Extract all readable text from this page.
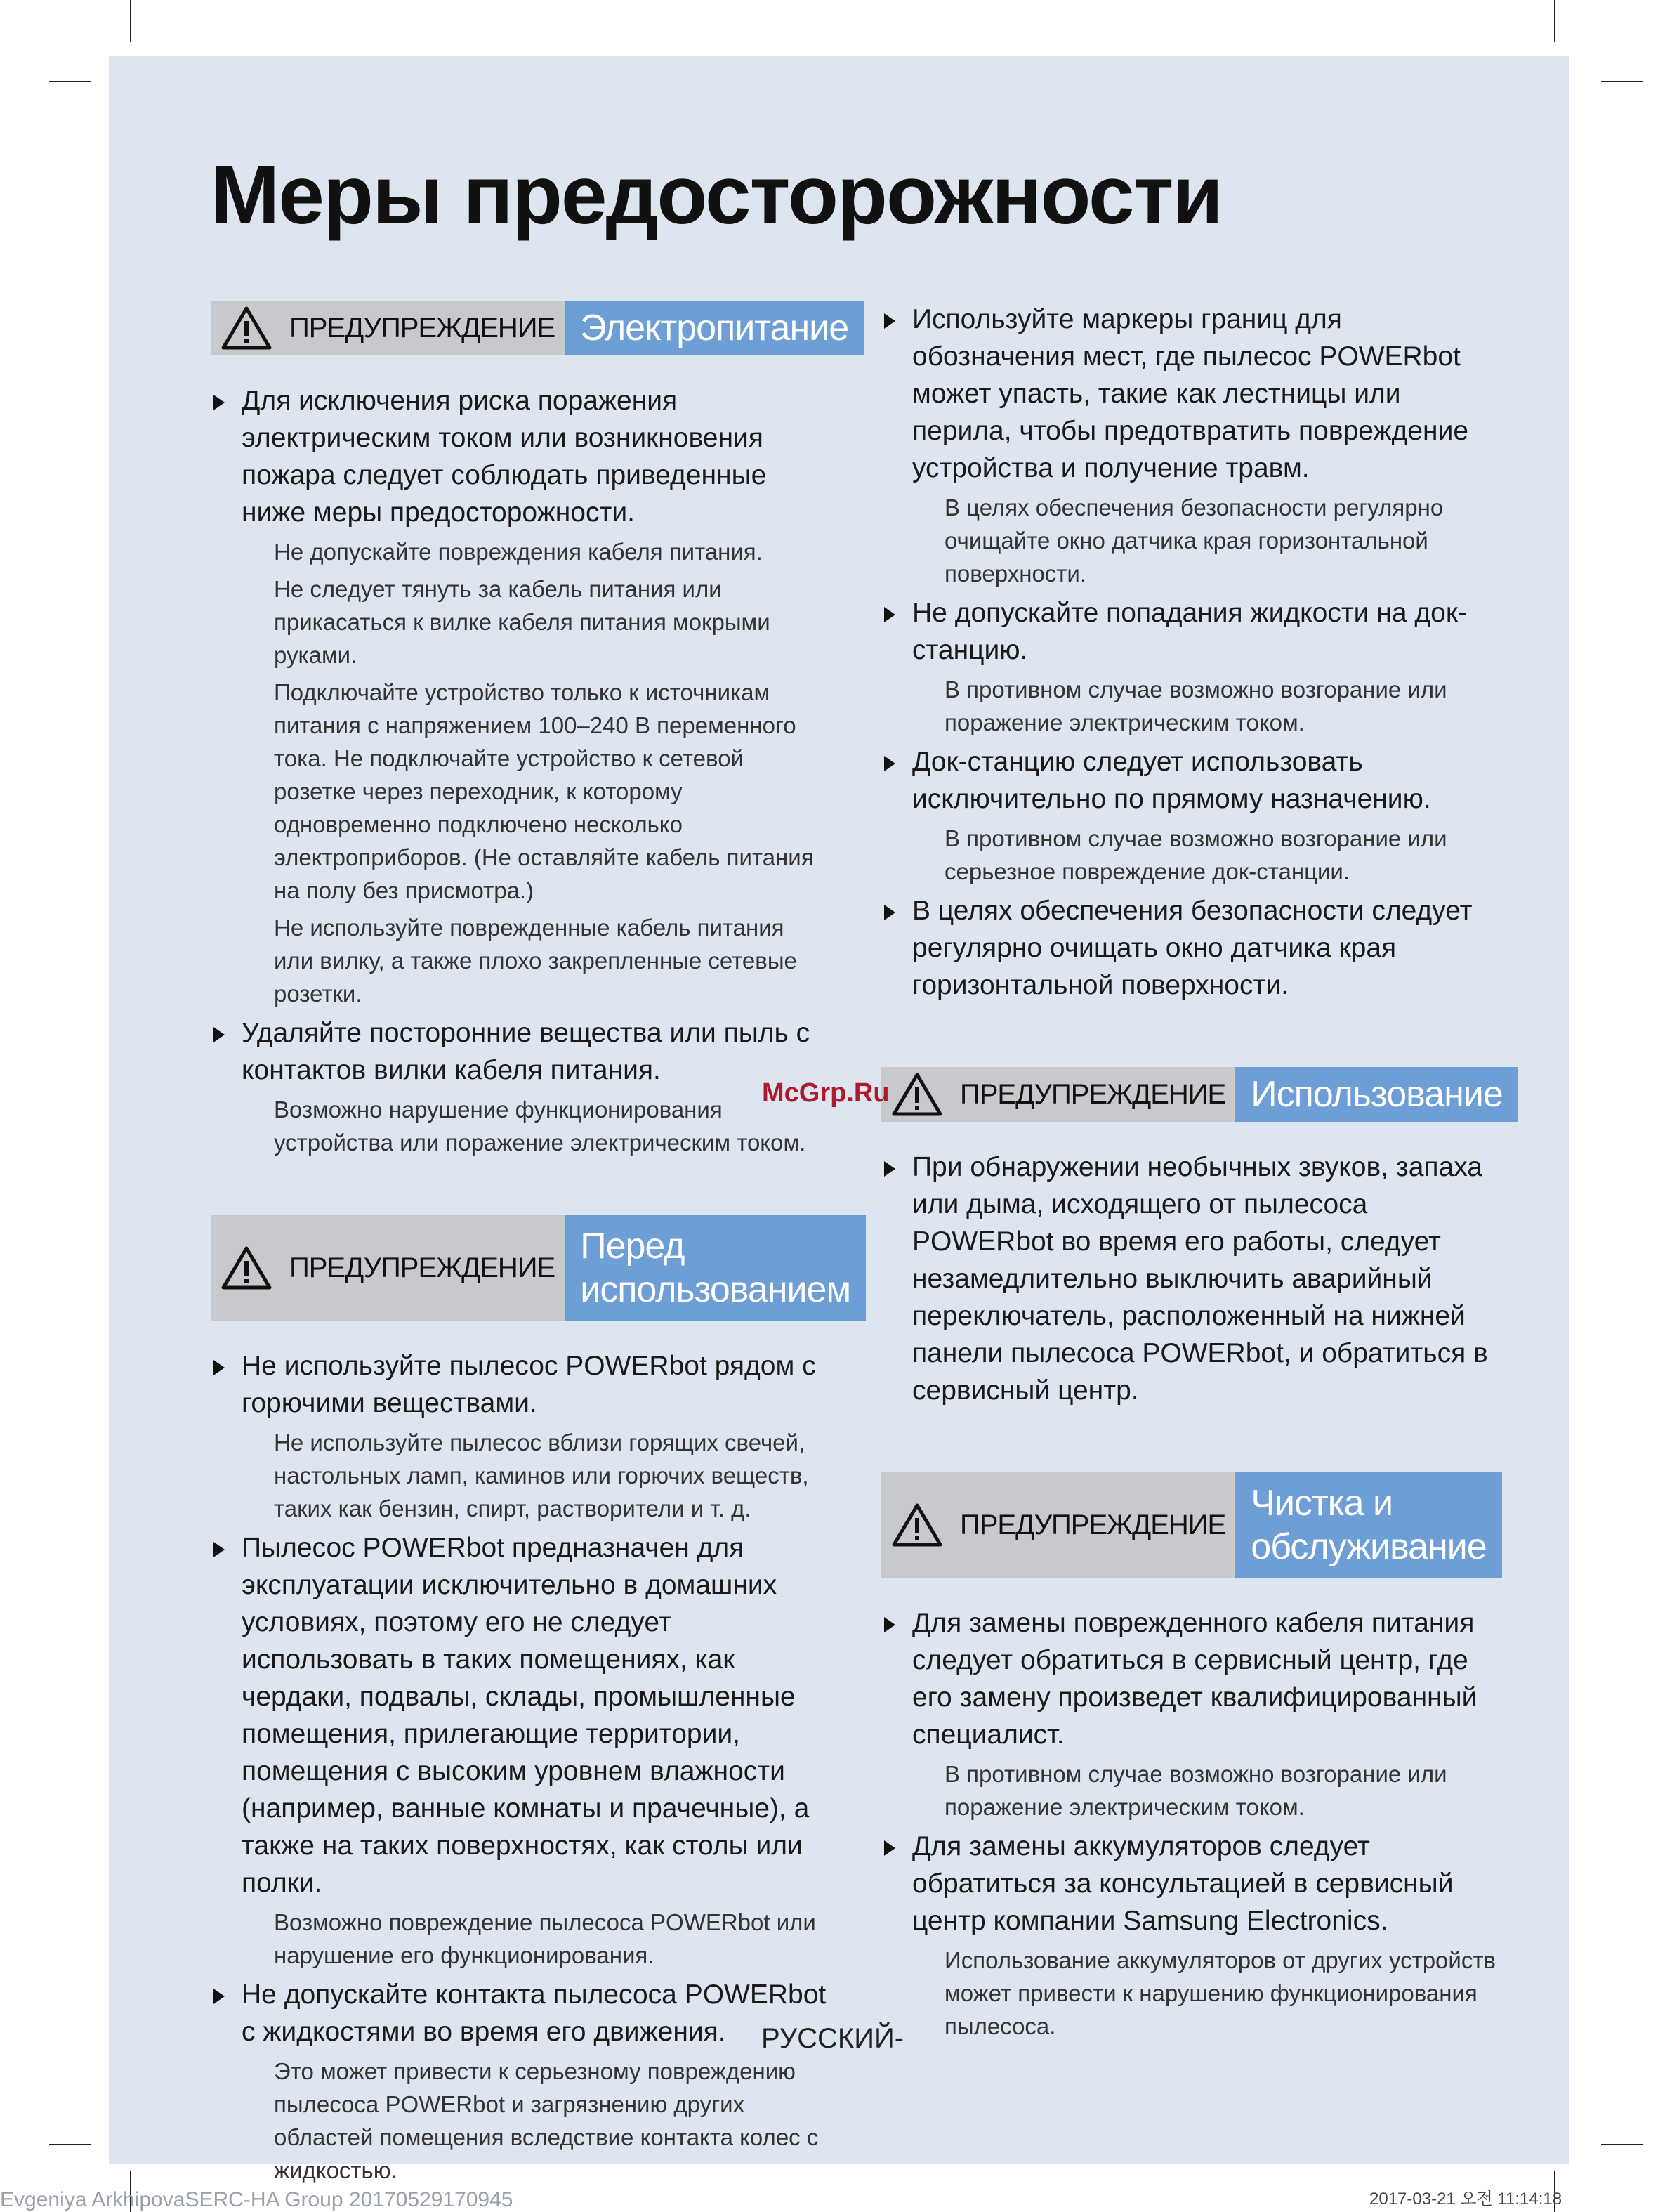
Меры предосторожности
ПРЕДУПРЕЖДЕНИЕ Электропитание
Для исключения риска поражения электрическим током или возникновения пожара следует соблюдать приведенные ниже меры предосторожности.
Не допускайте повреждения кабеля питания.
Не следует тянуть за кабель питания или прикасаться к вилке кабеля питания мокрыми руками.
Подключайте устройство только к источникам питания с напряжением 100–240 В переменного тока. Не подключайте устройство к сетевой розетке через переходник, к которому одновременно подключено несколько электроприборов. (Не оставляйте кабель питания на полу без присмотра.)
Не используйте поврежденные кабель питания или вилку, а также плохо закрепленные сетевые розетки.
Удаляйте посторонние вещества или пыль с контактов вилки кабеля питания.
Возможно нарушение функционирования устройства или поражение электрическим током.
ПРЕДУПРЕЖДЕНИЕ
Перед
использованием
Не используйте пылесос POWERbot рядом с горючими веществами.
Не используйте пылесос вблизи горящих свечей, настольных ламп, каминов или горючих веществ, таких как бензин, спирт, растворители и т. д.
Пылесос POWERbot предназначен для эксплуатации исключительно в домашних условиях, поэтому его не следует использовать в таких помещениях, как чердаки, подвалы, склады, промышленные помещения, прилегающие территории, помещения с высоким уровнем влажности (например, ванные комнаты и прачечные), а также на таких поверхностях, как столы или полки.
Возможно повреждение пылесоса POWERbot или нарушение его функционирования.
Не допускайте контакта пылесоса POWERbot с жидкостями во время его движения.
Это может привести к серьезному повреждению пылесоса POWERbot и загрязнению других областей помещения вследствие контакта колес с жидкостью.
Используйте маркеры границ для обозначения мест, где пылесос POWERbot может упасть, такие как лестницы или перила, чтобы предотвратить повреждение устройства и получение травм.
В целях обеспечения безопасности регулярно очищайте окно датчика края горизонтальной поверхности.
Не допускайте попадания жидкости на док-станцию.
В противном случае возможно возгорание или поражение электрическим током.
Док-станцию следует использовать исключительно по прямому назначению.
В противном случае возможно возгорание или серьезное повреждение док-станции.
В целях обеспечения безопасности следует регулярно очищать окно датчика края горизонтальной поверхности.
ПРЕДУПРЕЖДЕНИЕ Использование
При обнаружении необычных звуков, запаха или дыма, исходящего от пылесоса POWERbot во время его работы, следует незамедлительно выключить аварийный переключатель, расположенный на нижней панели пылесоса POWERbot, и обратиться в сервисный центр.
ПРЕДУПРЕЖДЕНИЕ
Чистка и
обслуживание
Для замены поврежденного кабеля питания следует обратиться в сервисный центр, где его замену произведет квалифицированный специалист.
В противном случае возможно возгорание или поражение электрическим током.
Для замены аккумуляторов следует обратиться за консультацией в сервисный центр компании Samsung Electronics.
Использование аккумуляторов от других устройств может привести к нарушению функционирования пылесоса.
McGrp.Ru
РУССКИЙ-
Evgeniya ArkhipovaSERC-HA Group 20170529170945	2017-03-21 오전 11:14:18
